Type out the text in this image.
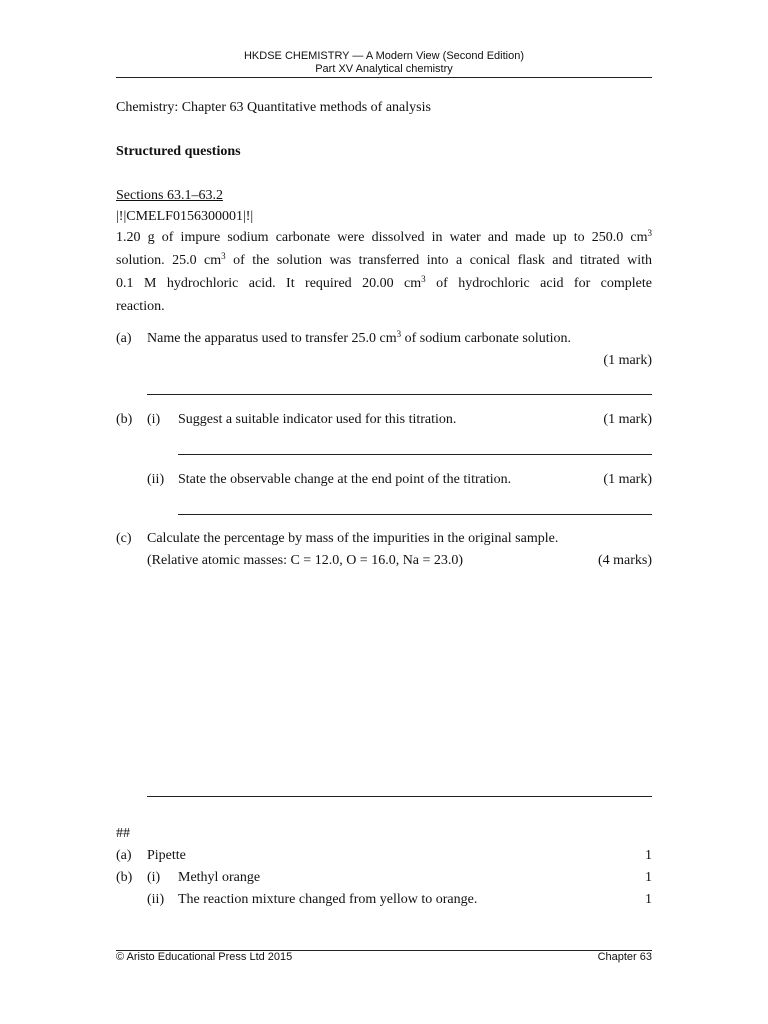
HKDSE CHEMISTRY — A Modern View (Second Edition)
Part XV Analytical chemistry
Chemistry: Chapter 63 Quantitative methods of analysis
Structured questions
Sections 63.1–63.2
|!|CMELF0156300001|!|
1.20 g of impure sodium carbonate were dissolved in water and made up to 250.0 $cm^3$
solution. 25.0 $cm^3$ of the solution was transferred into a conical flask and titrated with
0.1 M hydrochloric acid. It required 20.00 $cm^3$ of hydrochloric acid for complete
reaction.
(a) Name the apparatus used to transfer 25.0 $cm^3$ of sodium carbonate solution.
(1 mark)
(b) (i) Suggest a suitable indicator used for this titration.	(1 mark)
(ii) State the observable change at the end point of the titration.	(1 mark)
(c) Calculate the percentage by mass of the impurities in the original sample.
(Relative atomic masses: C = 12.0, O = 16.0, Na = 23.0)	(4 marks)
##
(a) Pipette	1
(b) (i) Methyl orange	1
(ii) The reaction mixture changed from yellow to orange.	1
© Aristo Educational Press Ltd 2015	Chapter 63
